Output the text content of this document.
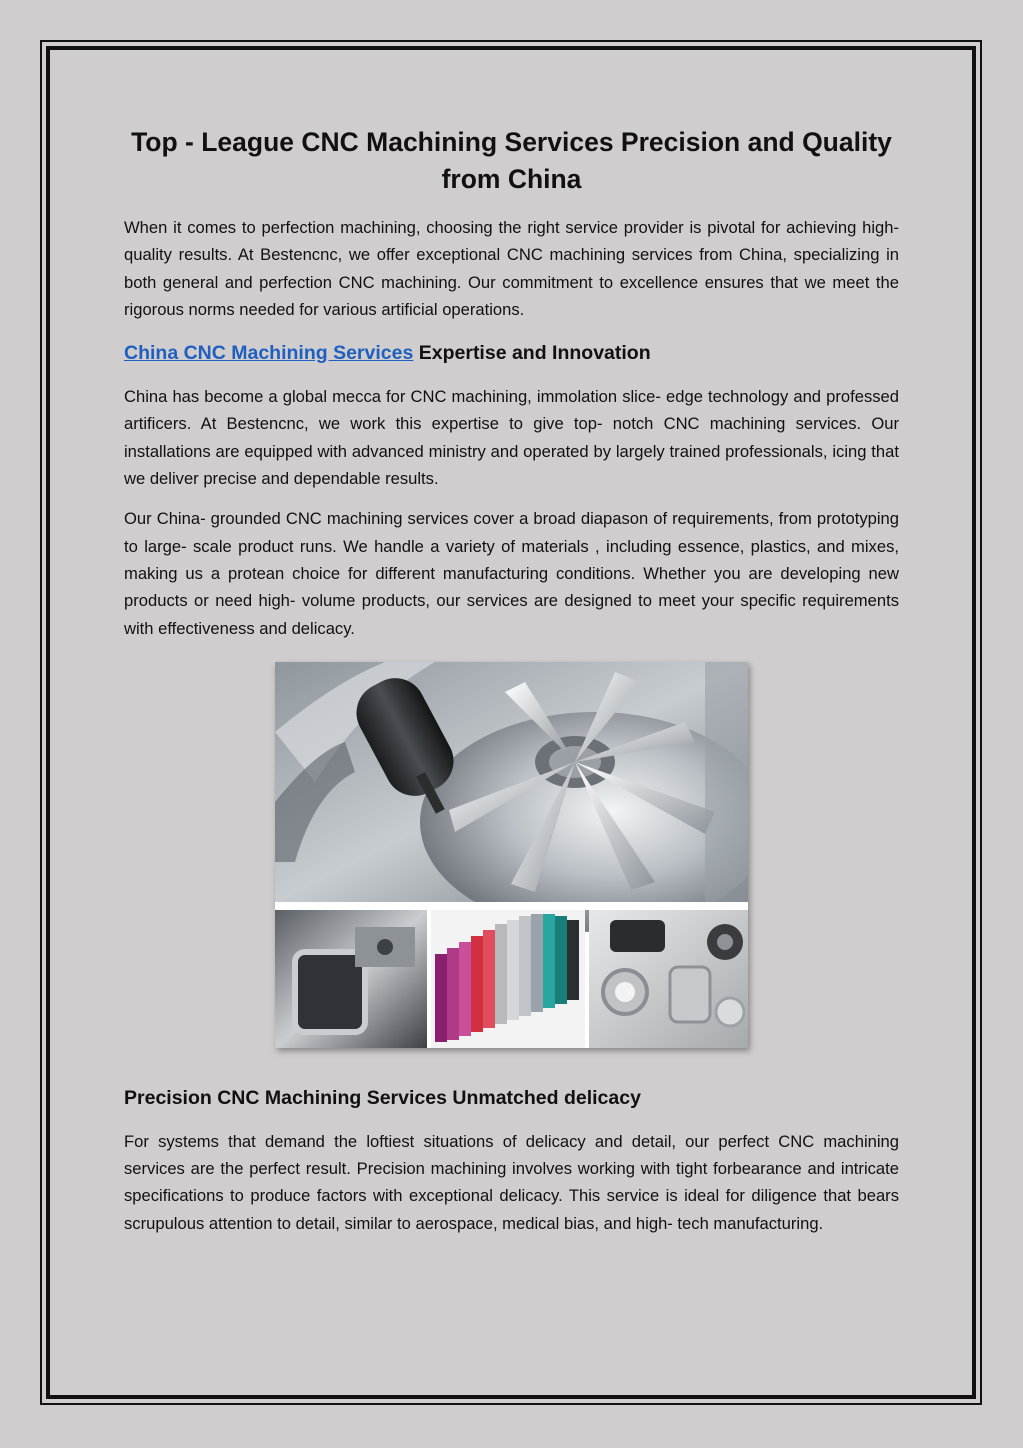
Top - League CNC Machining Services Precision and Quality from China

When it comes to perfection machining, choosing the right service provider is pivotal for achieving high- quality results. At Bestencnc, we offer exceptional CNC machining services from China, specializing in both general and perfection CNC machining. Our commitment to excellence ensures that we meet the rigorous norms needed for various artificial operations.

China CNC Machining Services Expertise and Innovation

China has become a global mecca for CNC machining, immolation slice- edge technology and professed artificers. At Bestencnc, we work this expertise to give top- notch CNC machining services. Our installations are equipped with advanced ministry and operated by largely trained professionals, icing that we deliver precise and dependable results.

Our China- grounded CNC machining services cover a broad diapason of requirements, from prototyping to large- scale product runs. We handle a variety of materials , including essence, plastics, and mixes, making us a protean choice for different manufacturing conditions. Whether you are developing new products or need high- volume products, our services are designed to meet your specific requirements with effectiveness and delicacy.

Precision CNC Machining Services Unmatched delicacy

For systems that demand the loftiest situations of delicacy and detail, our perfect CNC machining services are the perfect result. Precision machining involves working with tight forbearance and intricate specifications to produce factors with exceptional delicacy. This service is ideal for diligence that bears scrupulous attention to detail, similar to aerospace, medical bias, and high- tech manufacturing.
